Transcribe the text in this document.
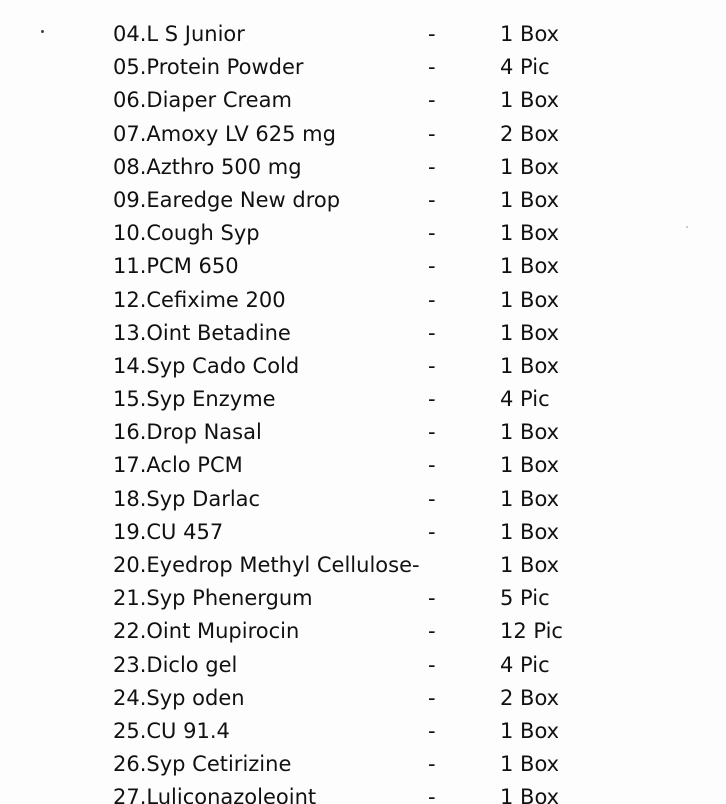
04.L S Junior	-	1 Box
05.Protein Powder	-	4 Pic
06.Diaper Cream	-	1 Box
07.Amoxy LV 625 mg	-	2 Box
08.Azthro 500 mg	-	1 Box
09.Earedge New drop	-	1 Box
10.Cough Syp	-	1 Box
11.PCM 650	-	1 Box
12.Cefixime 200	-	1 Box
13.Oint Betadine	-	1 Box
14.Syp Cado Cold	-	1 Box
15.Syp Enzyme	-	4 Pic
16.Drop Nasal	-	1 Box
17.Aclo PCM	-	1 Box
18.Syp Darlac	-	1 Box
19.CU 457	-	1 Box
20.Eyedrop Methyl Cellulose-	1 Box
21.Syp Phenergum	-	5 Pic
22.Oint Mupirocin	-	12 Pic
23.Diclo gel	-	4 Pic
24.Syp oden	-	2 Box
25.CU 91.4	-	1 Box
26.Syp Cetirizine	-	1 Box
27.Luliconazoleoint	-	1 Box
